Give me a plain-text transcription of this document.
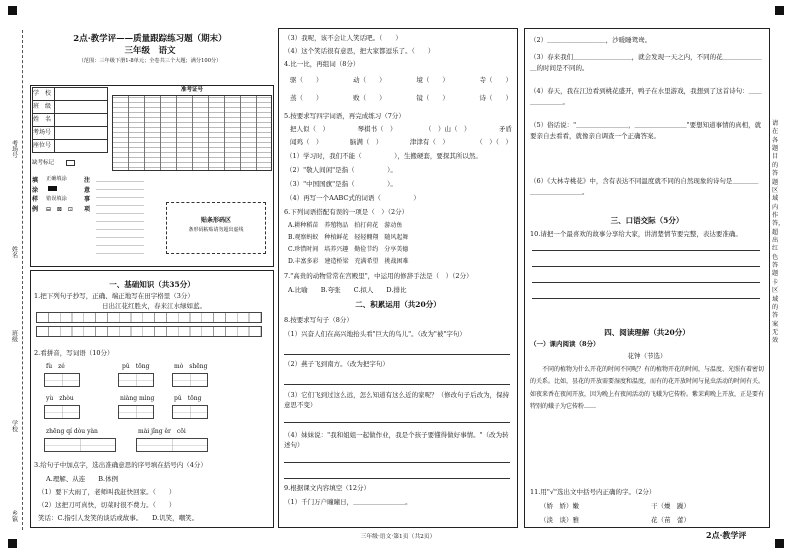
考场号
姓名
班级
学校
乡镇
2点·教学评——质量跟踪练习题（期末）
三年级　语文
（范围：三年级下册1-8单元；全卷共三个大题；满分100分）
学　校	
班　级	
姓　名	
考场号	
座位号	
缺考标记
准考证号
填涂样例
正确填涂
错误填涂
⊟ ⊠ ⊡
注意事项
贴条形码区
条形码粘贴请勿超出虚线
一、基础知识（共35分）
1.把下列句子抄写，正确、端正地写在田字格里（3分）
日出江花红胜火，春来江水绿如蓝。
2.看拼音，写词语（10分）
fù　zé	pǔ　tōng	mò　shēng
yù　zhòu	niàng mìng	pǔ　tōng
zhēng qí dòu yàn	mài jǐng ěr　cōi
3.给句子中加点字，选出准确意思的序号填在括号内（4分）
A.理解、从连　　B.体例
（1）要下大雨了，老师叫我赶快回家。（　　）
（2）这把刀可真快，切菜时很不费力。（　　）
笑话：C.指引人发笑的谈话或故事。　　D.讥笑，嘲笑。
（3）我呢，该不会让人笑话吧。（　　）
（4）这个笑话很有意思，把大家都逗乐了。（　　）
4.比一比，再组词（8分）
驱（　　）	动（　　）	境（　　）	寺（　　）
蒸（　　）	败（　　）	镜（　　）	诗（　　）
5.按要求写四字词语，再完成练习（7分）
把人似（　）	琴棋书（　）	（　）山（　）	矛盾
闻鸡（　）	脑满（　）	津津有（　）	（　）（　）
（1）学习时，我们不能（　　　　　），生搬硬套，要探其所以然。
（2）"敬人间闲"是指（　　　　　）。
（3）"中国国旗"是指（　　　　　）。
（4）再写一个AABC式的词语（　　　　　）
6.下列词语搭配有误的一项是（　）（2分）
A.耕种稻苗　养殖物品　拍打荷花　游动鱼
B.观察蚂蚁　种植鲜花　轻轻翱翔　随风起舞
C.珍惜时间　培养兴趣　勤俭节约　分享美德
D.丰富多彩　建造桥梁　充满希望　挑战困难
7."高贵的动物常常在宫殿里"，中运用的修辞手法是（　）（2分）
A.比喻　　B.夸张　　C.拟人　　D.排比
二、积累运用（共20分）
8.按要求写句子（8分）
（1）兴奋人们在高兴地抬头看"巨大的鸟儿"。（改为"被"字句）
（2）燕子飞到南方。（改为把字句）
（3）它们飞到过这么远，怎么知道有这么近的家呢？（修改句子后改为，保持意思不变）
（4）妹妹说："我和姐姐一起做作业，我是个孩子要懂得做好事情。"（改为转述句）
9.根据课文内容填空（12分）
（1）千门万户曈曈日，＿＿＿＿＿＿＿＿。
（2）＿＿＿＿＿＿＿＿＿，沙暖睡鸳鸯。
（3）春来我们＿＿＿＿＿＿＿＿＿，就会发现一天之内，不同的花＿＿＿＿＿＿＿的时间是不同的。
（4）春天，我在江边看到桃花盛开，鸭子在水里游戏，我想到了这首诗句：＿＿＿＿＿＿＿。
（5）俗话说："＿＿＿＿＿＿＿＿，＿＿＿＿＿＿＿＿"要想知道事情的真相，就要亲自去看看，就像亲自调查一个正确答案。
（6）《大林寺桃花》中，含有表达不同温度就不同的自然现象的诗句是＿＿＿＿＿＿＿＿＿＿＿＿。
三、口语交际（5分）
10.请把一个最喜欢的故事分享给大家，讲清楚情节要完整，表达要准确。
四、阅读理解（共20分）
（一）课内阅读（8分）
花钟（节选）
　　不同的植物为什么开花的时间不同呢？有的植物开花的时间，与温度、光照有着密切的关系。比如，昙花的开放需要湿度和温度，而有的花开放时间与昆虫活动的时间有关。如夜来香在夜间开放，因为晚上有夜间活动的飞蛾为它传粉。紫茉莉晚上开放，正是要有特别的蛾子为它传粉……
11.用"√"选出文中括号内正确的字。（2分）
（娇　娇）嫩	干（燥　躁）
（淡　谈）雅	花（苗　蕾）
请在各题目的答题区域内作答，超出红色答题卡区域的答案无效
三年级·语文·第1页（共2页）	2点·教学评
